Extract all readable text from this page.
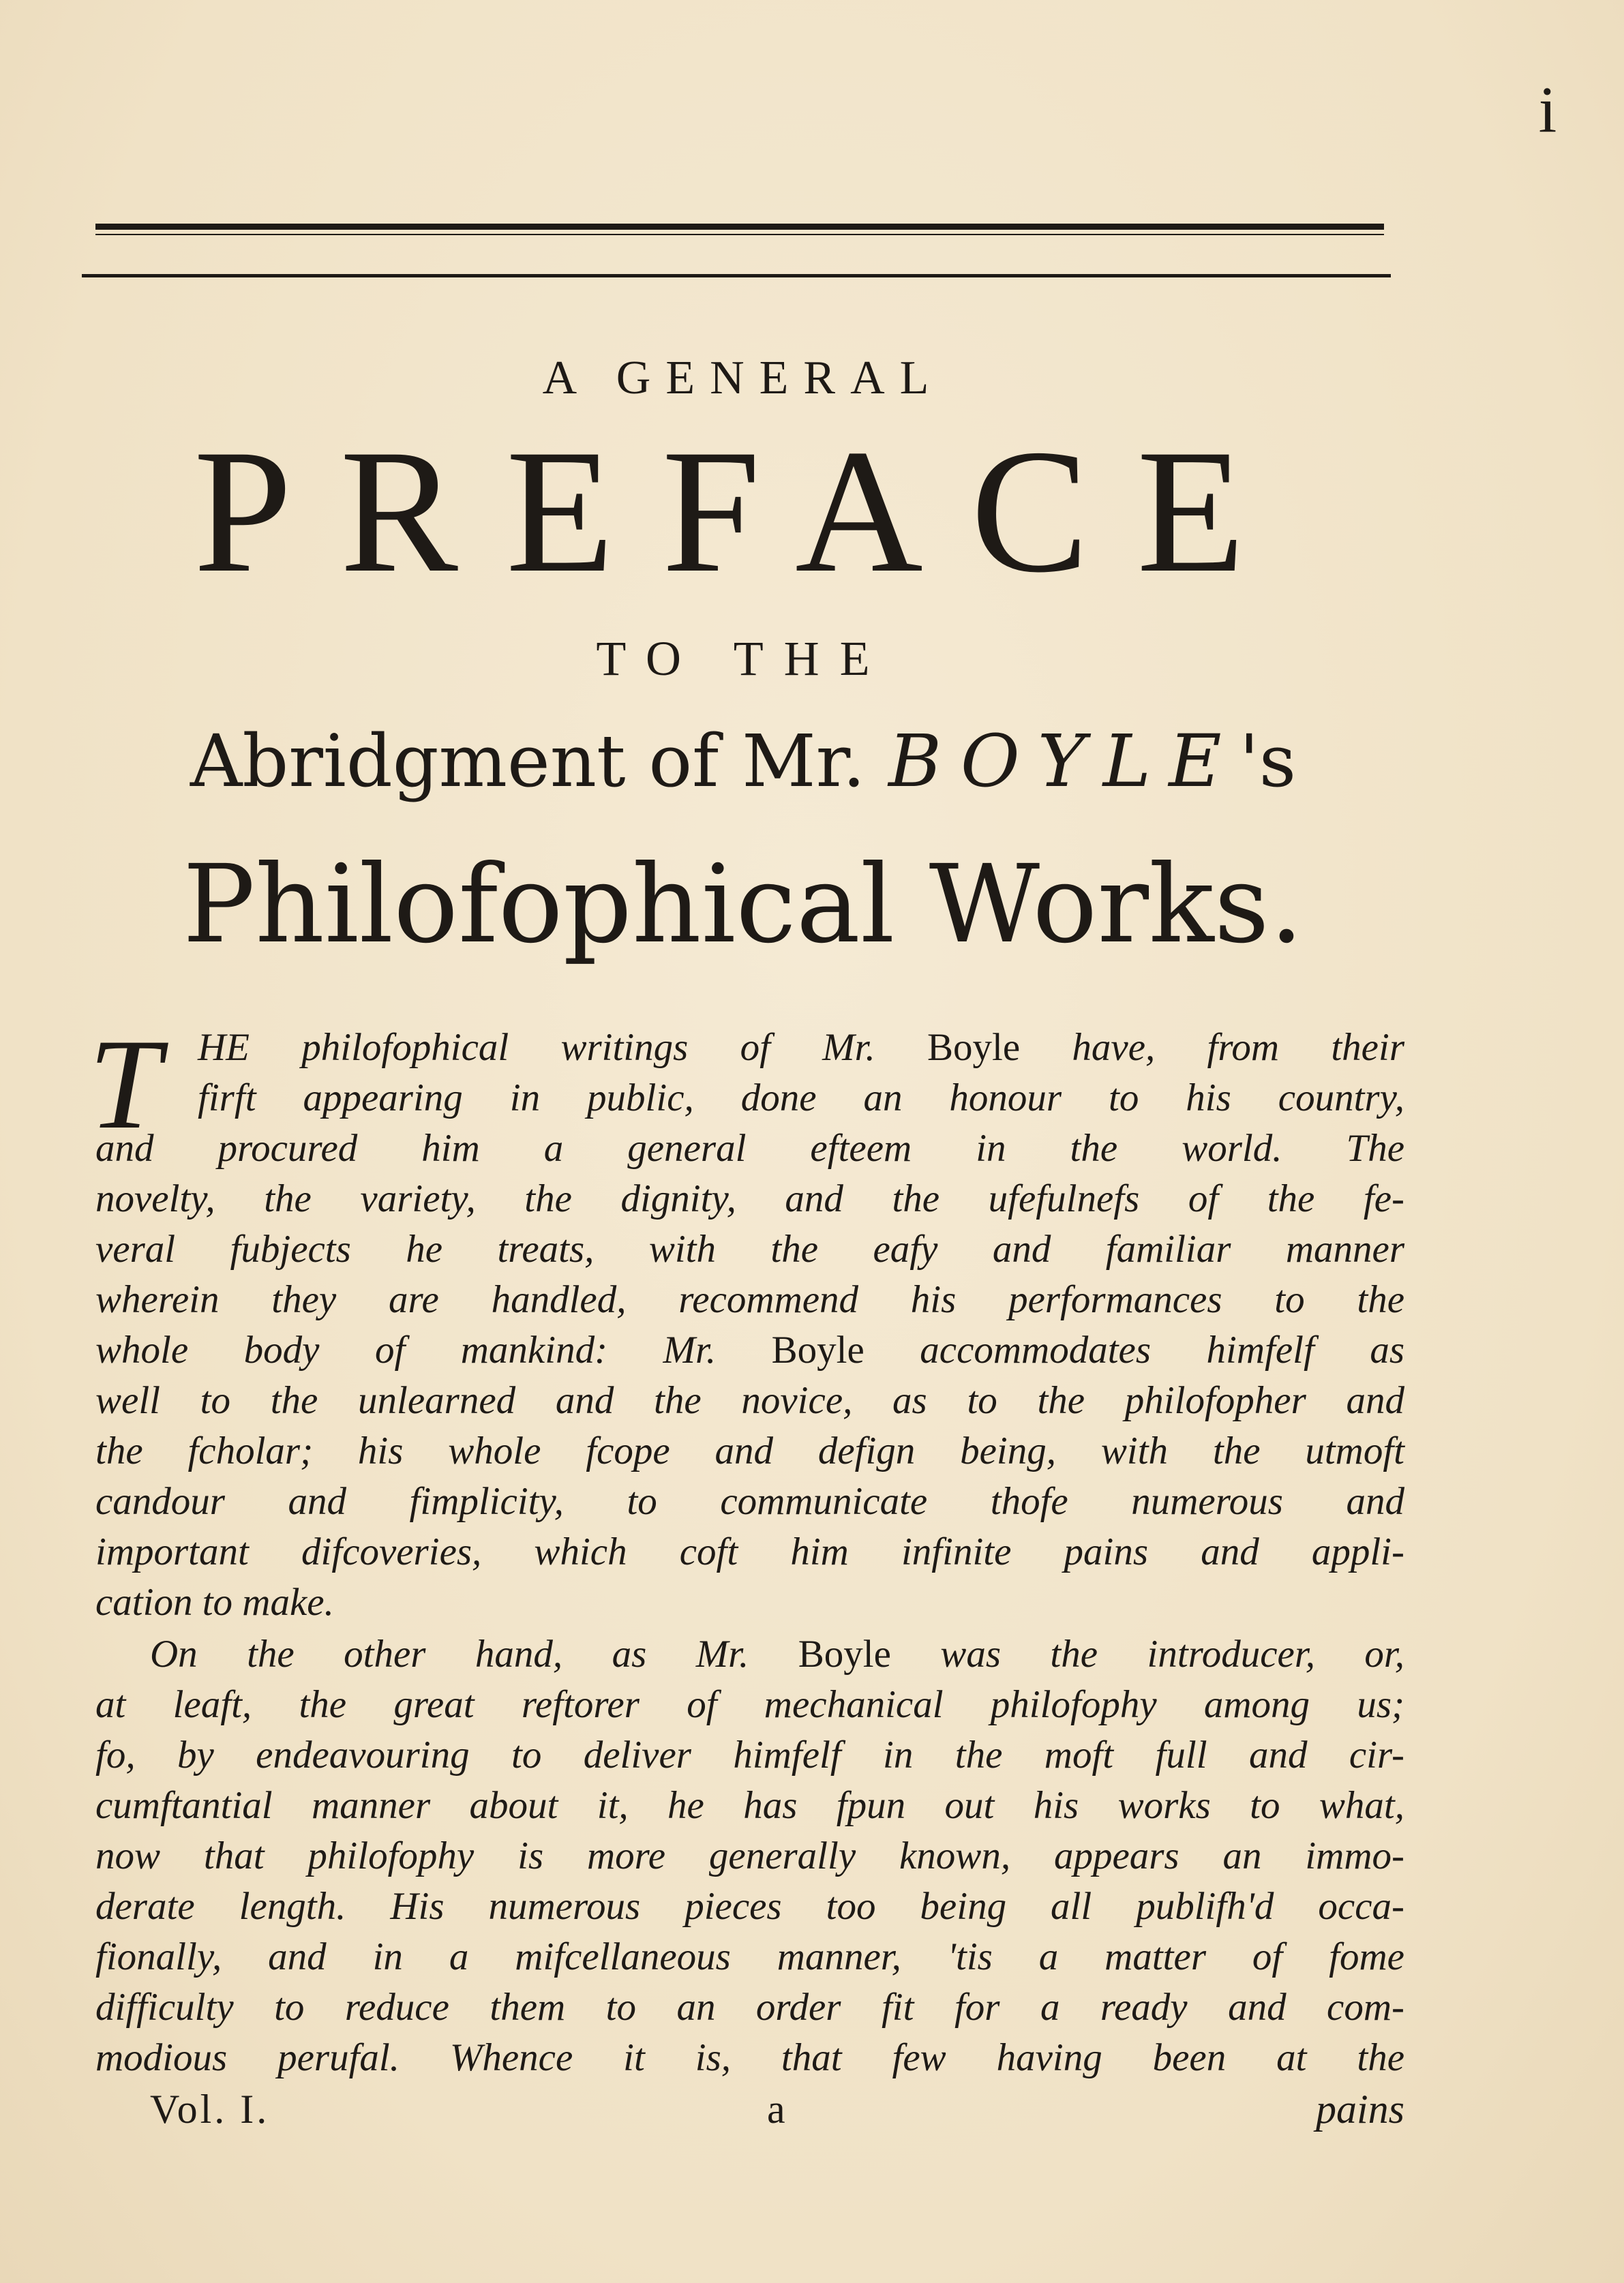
i
A GENERAL
PREFACE
TO THE
Abridgment of Mr. BOYLE's
Philofophical Works.
T HE philofophical writings of Mr. Boyle have, from their
firft appearing in public, done an honour to his country,
and procured him a general efteem in the world. The
novelty, the variety, the dignity, and the ufefulnefs of the fe-
veral fubjects he treats, with the eafy and familiar manner
wherein they are handled, recommend his performances to the
whole body of mankind: Mr. Boyle accommodates himfelf as
well to the unlearned and the novice, as to the philofopher and
the fcholar; his whole fcope and defign being, with the utmoft
candour and fimplicity, to communicate thofe numerous and
important difcoveries, which coft him infinite pains and appli-
cation to make.
On the other hand, as Mr. Boyle was the introducer, or,
at leaft, the great reftorer of mechanical philofophy among us;
fo, by endeavouring to deliver himfelf in the moft full and cir-
cumftantial manner about it, he has fpun out his works to what,
now that philofophy is more generally known, appears an immo-
derate length. His numerous pieces too being all publifh'd occa-
fionally, and in a mifcellaneous manner, 'tis a matter of fome
difficulty to reduce them to an order fit for a ready and com-
modious perufal. Whence it is, that few having been at the
Vol. I.	a	pains
